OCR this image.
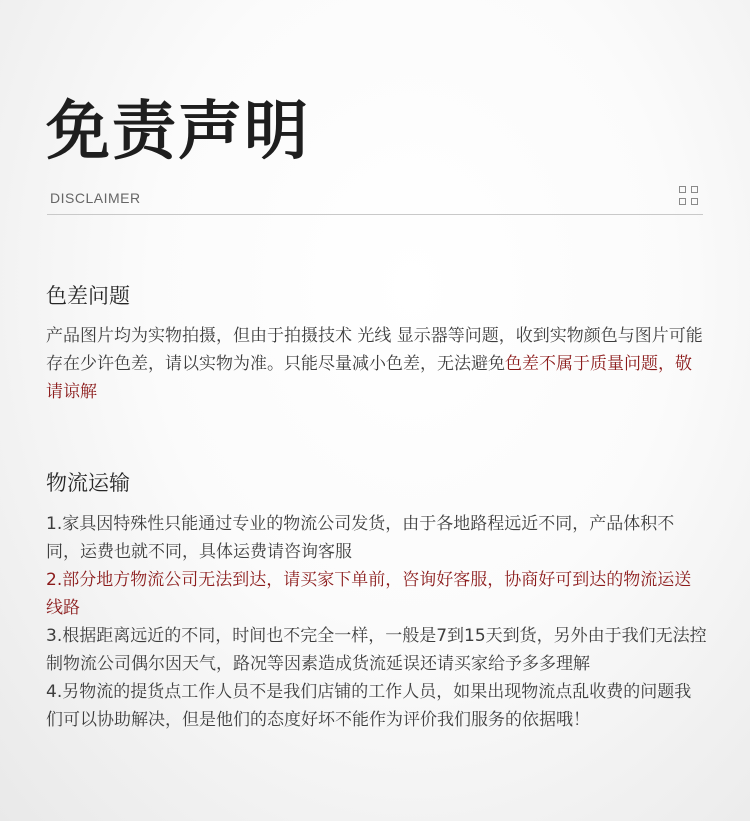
免责声明
DISCLAIMER
色差问题
产品图片均为实物拍摄，但由于拍摄技术 光线 显示器等问题，收到实物颜色与图片可能存在少许色差，请以实物为准。只能尽量减小色差，无法避免色差不属于质量问题，敬请谅解
物流运输

1.家具因特殊性只能通过专业的物流公司发货，由于各地路程远近不同，产品体积不同，运费也就不同，具体运费请咨询客服

2.部分地方物流公司无法到达，请买家下单前，咨询好客服，协商好可到达的物流运送线路

3.根据距离远近的不同，时间也不完全一样，一般是7到15天到货，另外由于我们无法控制物流公司偶尔因天气，路况等因素造成货流延误还请买家给予多多理解

4.另物流的提货点工作人员不是我们店铺的工作人员，如果出现物流点乱收费的问题我们可以协助解决，但是他们的态度好坏不能作为评价我们服务的依据哦！
